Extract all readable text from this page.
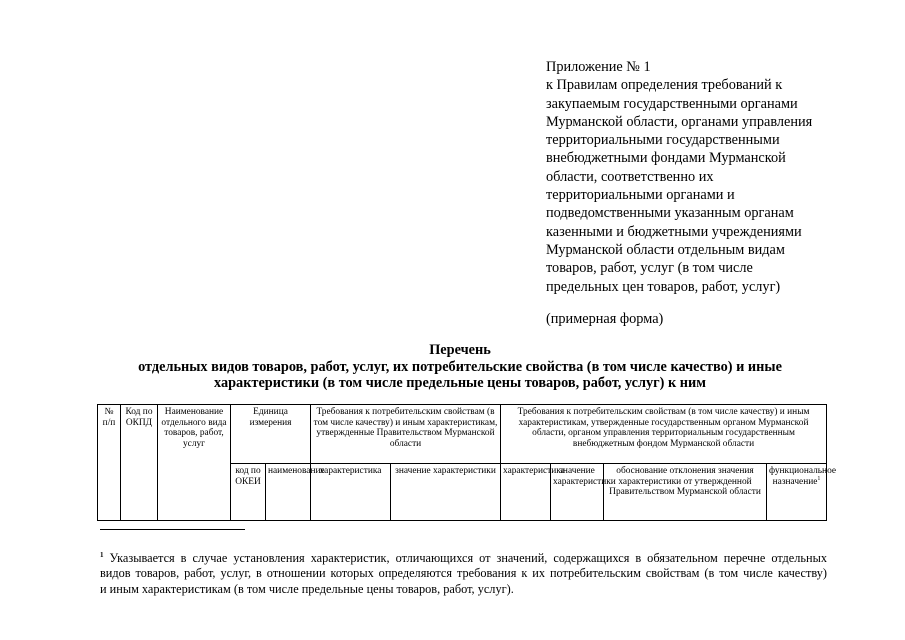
Приложение № 1
к Правилам определения требований к
закупаемым государственными органами
Мурманской области, органами управления
территориальными государственными
внебюджетными фондами Мурманской
области, соответственно их
территориальными органами и
подведомственными указанным органам
казенными и бюджетными учреждениями
Мурманской области отдельным видам
товаров, работ, услуг (в том числе
предельных цен товаров, работ, услуг)
(примерная форма)
Перечень
отдельных видов товаров, работ, услуг, их потребительские свойства (в том числе качество) и иные
характеристики (в том числе предельные цены товаров, работ, услуг) к ним
№ п/п	Код по ОКПД	Наименование отдельного вида товаров, работ, услуг	Единица измерения		Требования к потребительским свойствам (в том числе качеству) и иным характеристикам, утвержденные Правительством Мурманской области		Требования к потребительским свойствам (в том числе качеству) и иным характеристикам, утвержденные государственным органом Мурманской области, органом управления территориальным государственным внебюджетным фондом Мурманской области			
			код по ОКЕИ	наименование	характеристика	значение характеристики	характеристика	значение характеристики	обоснование отклонения значения характеристики от утвержденной Правительством Мурманской области	функциональное назначение$^1$
$^1$ Указывается в случае установления характеристик, отличающихся от значений, содержащихся в обязательном перечне отдельных
видов товаров, работ, услуг, в отношении которых определяются требования к их потребительским свойствам (в том числе качеству)
и иным характеристикам (в том числе предельные цены товаров, работ, услуг).
